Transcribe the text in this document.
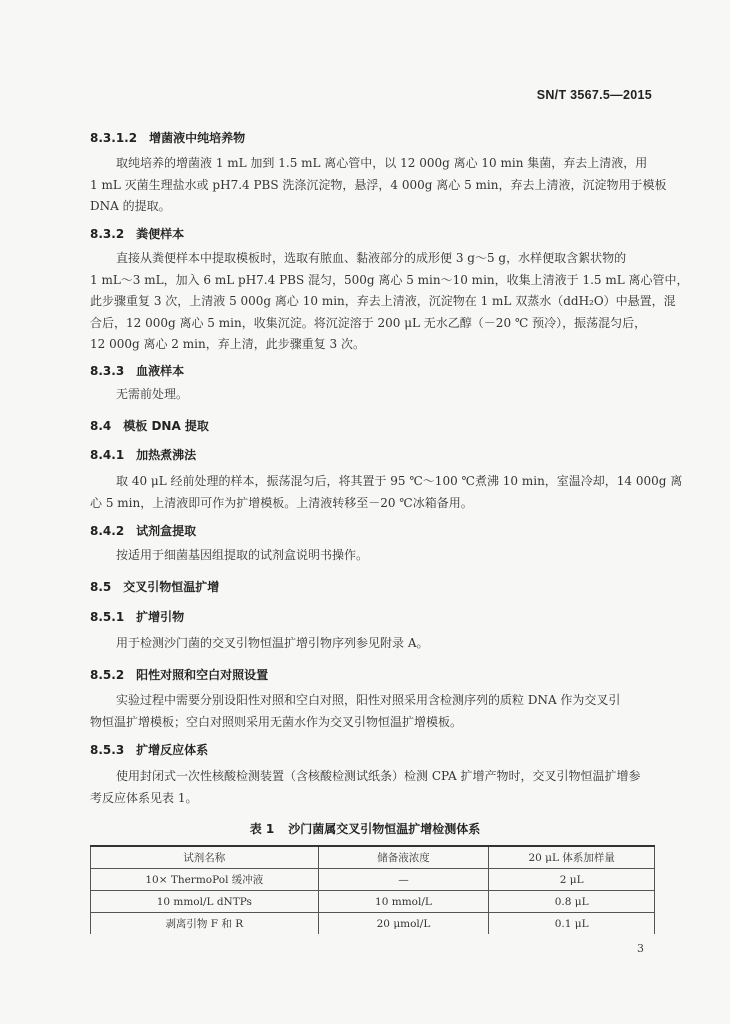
SN/T 3567.5—2015
8.3.1.2 增菌液中纯培养物
取纯培养的增菌液 1 mL 加到 1.5 mL 离心管中，以 12 000g 离心 10 min 集菌，弃去上清液，用
1 mL 灭菌生理盐水或 pH7.4 PBS 洗涤沉淀物，悬浮，4 000g 离心 5 min，弃去上清液，沉淀物用于模板
DNA 的提取。
8.3.2 粪便样本
直接从粪便样本中提取模板时，选取有脓血、黏液部分的成形便 3 g～5 g，水样便取含絮状物的
1 mL～3 mL，加入 6 mL pH7.4 PBS 混匀，500g 离心 5 min～10 min，收集上清液于 1.5 mL 离心管中，
此步骤重复 3 次，上清液 5 000g 离心 10 min，弃去上清液，沉淀物在 1 mL 双蒸水（ddH₂O）中悬置，混
合后，12 000g 离心 5 min，收集沉淀。将沉淀溶于 200 μL 无水乙醇（－20 ℃ 预冷），振荡混匀后，
12 000g 离心 2 min，弃上清，此步骤重复 3 次。
8.3.3 血液样本
无需前处理。
8.4 模板 DNA 提取
8.4.1 加热煮沸法
取 40 μL 经前处理的样本，振荡混匀后，将其置于 95 ℃～100 ℃煮沸 10 min，室温冷却，14 000g 离
心 5 min，上清液即可作为扩增模板。上清液转移至－20 ℃冰箱备用。
8.4.2 试剂盒提取
按适用于细菌基因组提取的试剂盒说明书操作。
8.5 交叉引物恒温扩增
8.5.1 扩增引物
用于检测沙门菌的交叉引物恒温扩增引物序列参见附录 A。
8.5.2 阳性对照和空白对照设置
实验过程中需要分别设阳性对照和空白对照，阳性对照采用含检测序列的质粒 DNA 作为交叉引
物恒温扩增模板；空白对照则采用无菌水作为交叉引物恒温扩增模板。
8.5.3 扩增反应体系
使用封闭式一次性核酸检测装置（含核酸检测试纸条）检测 CPA 扩增产物时，交叉引物恒温扩增参
考反应体系见表 1。
表 1 沙门菌属交叉引物恒温扩增检测体系
试剂名称	储备液浓度	20 μL 体系加样量
10× ThermoPol 缓冲液	—	2 μL
10 mmol/L dNTPs	10 mmol/L	0.8 μL
剥离引物 F 和 R	20 μmol/L	0.1 μL
3
